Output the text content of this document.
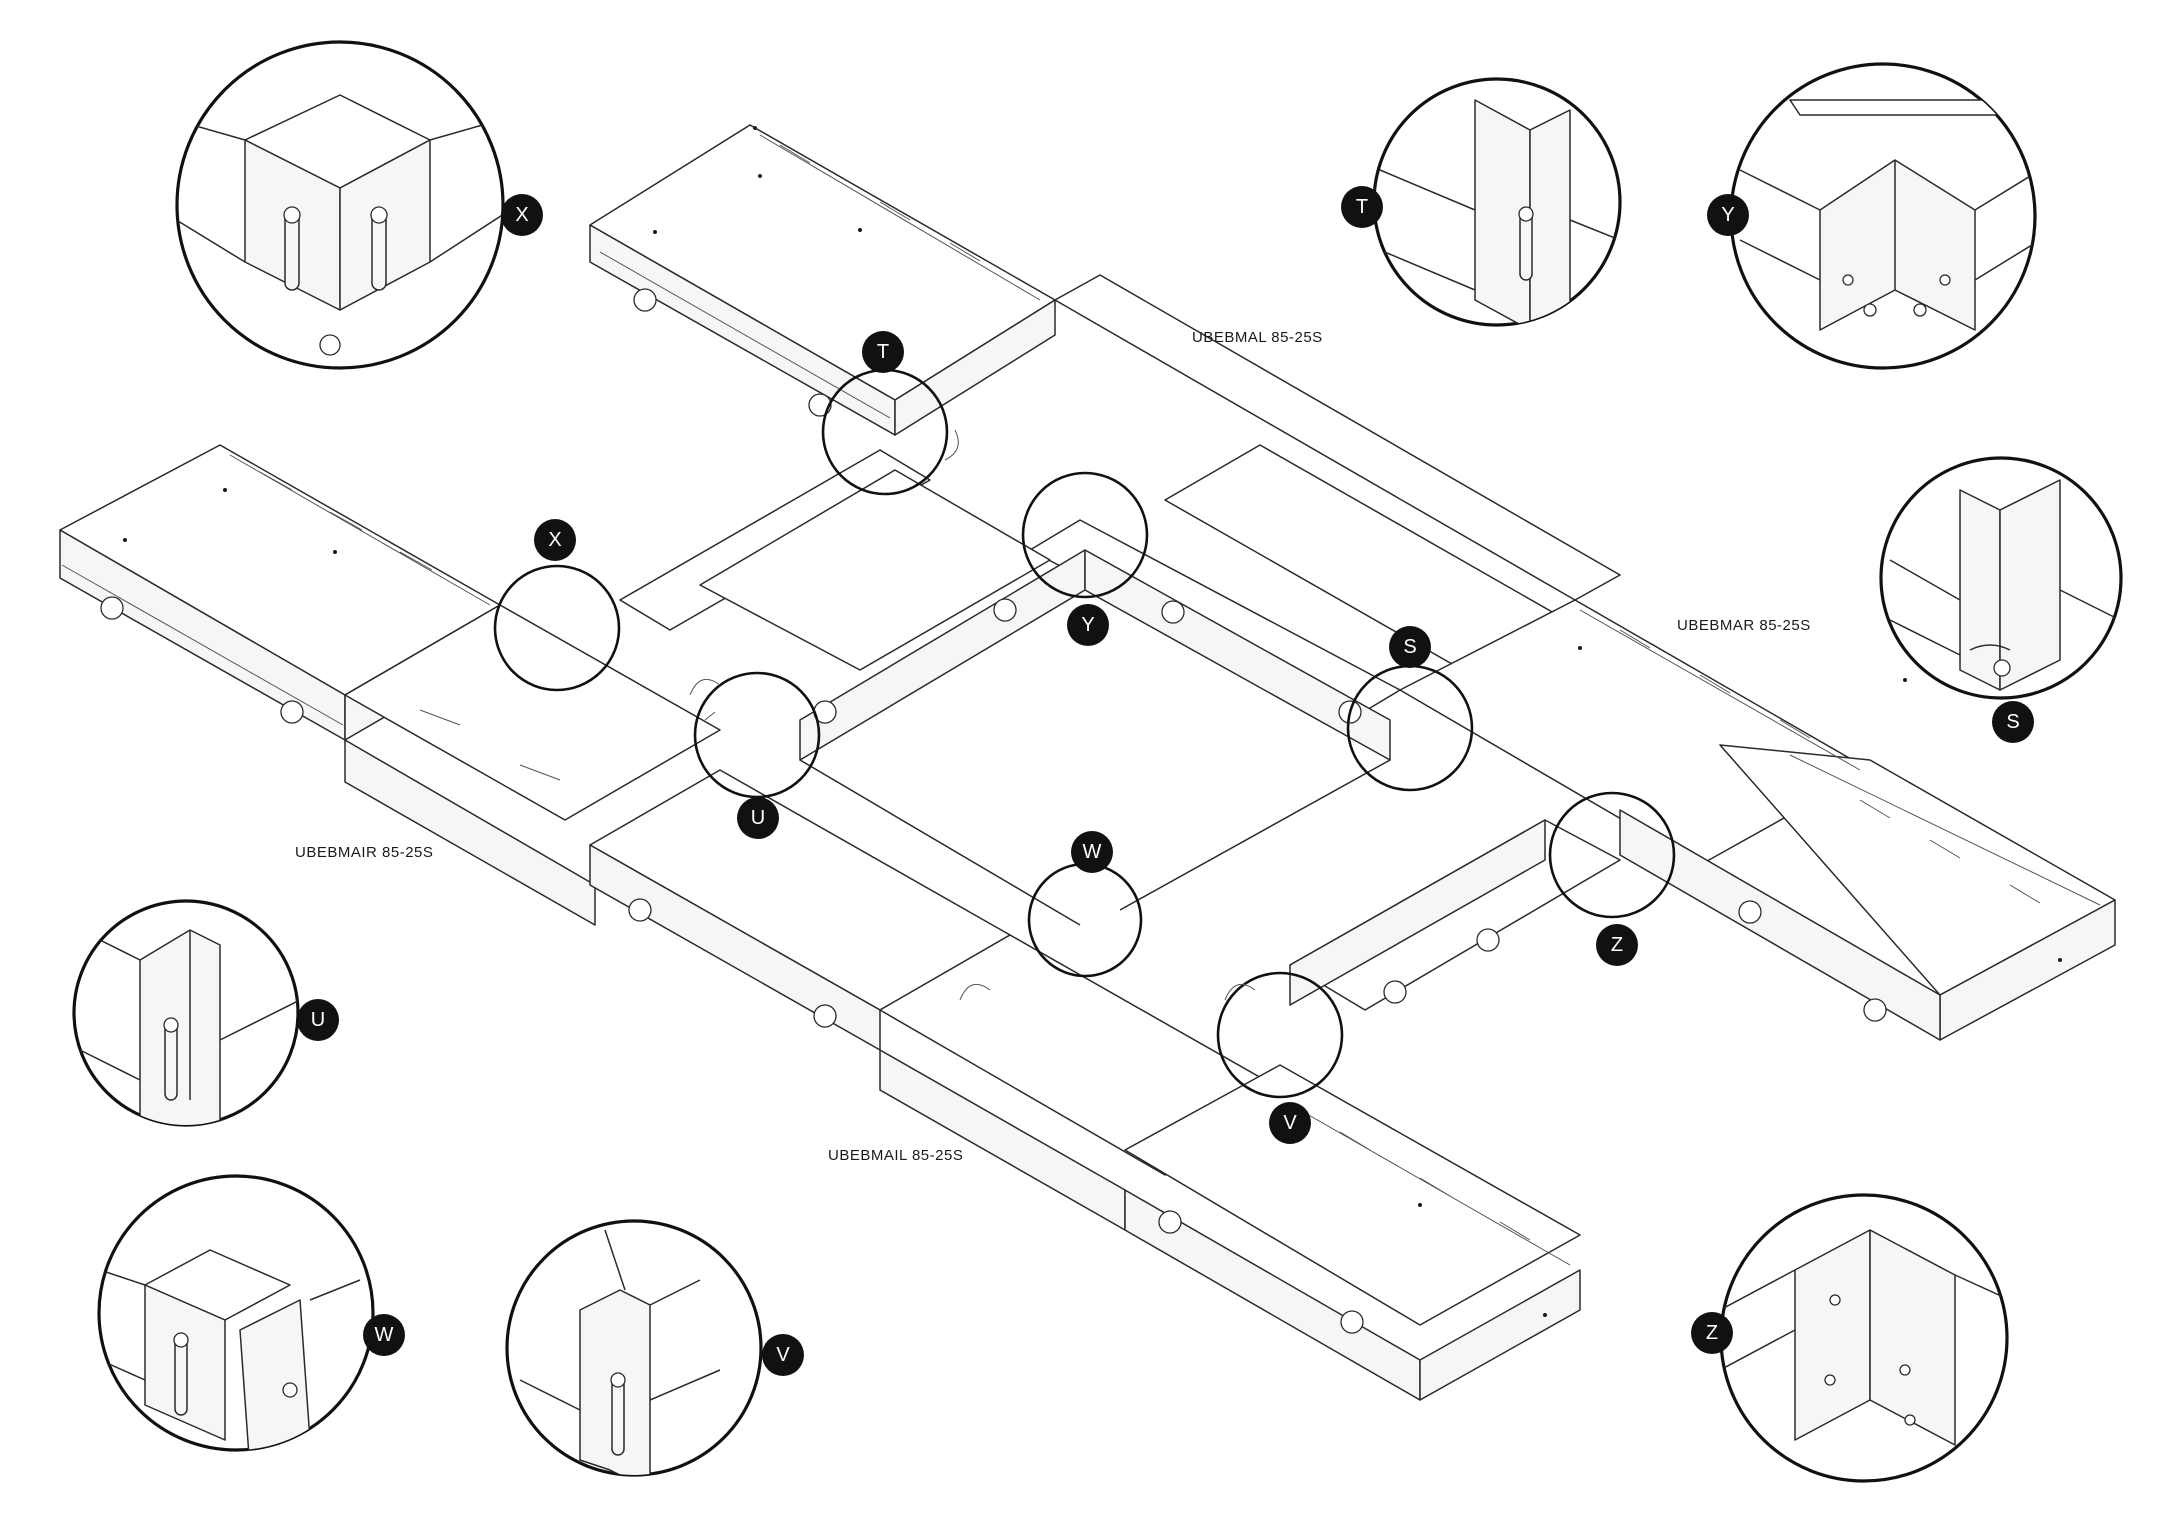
UBEBMAL 85-25S
UBEBMAR 85-25S
UBEBMAIR 85-25S
UBEBMAIL 85-25S
T
X
Y
S
U
W
Z
V
X	T	Y
S
U
W
V
Z
